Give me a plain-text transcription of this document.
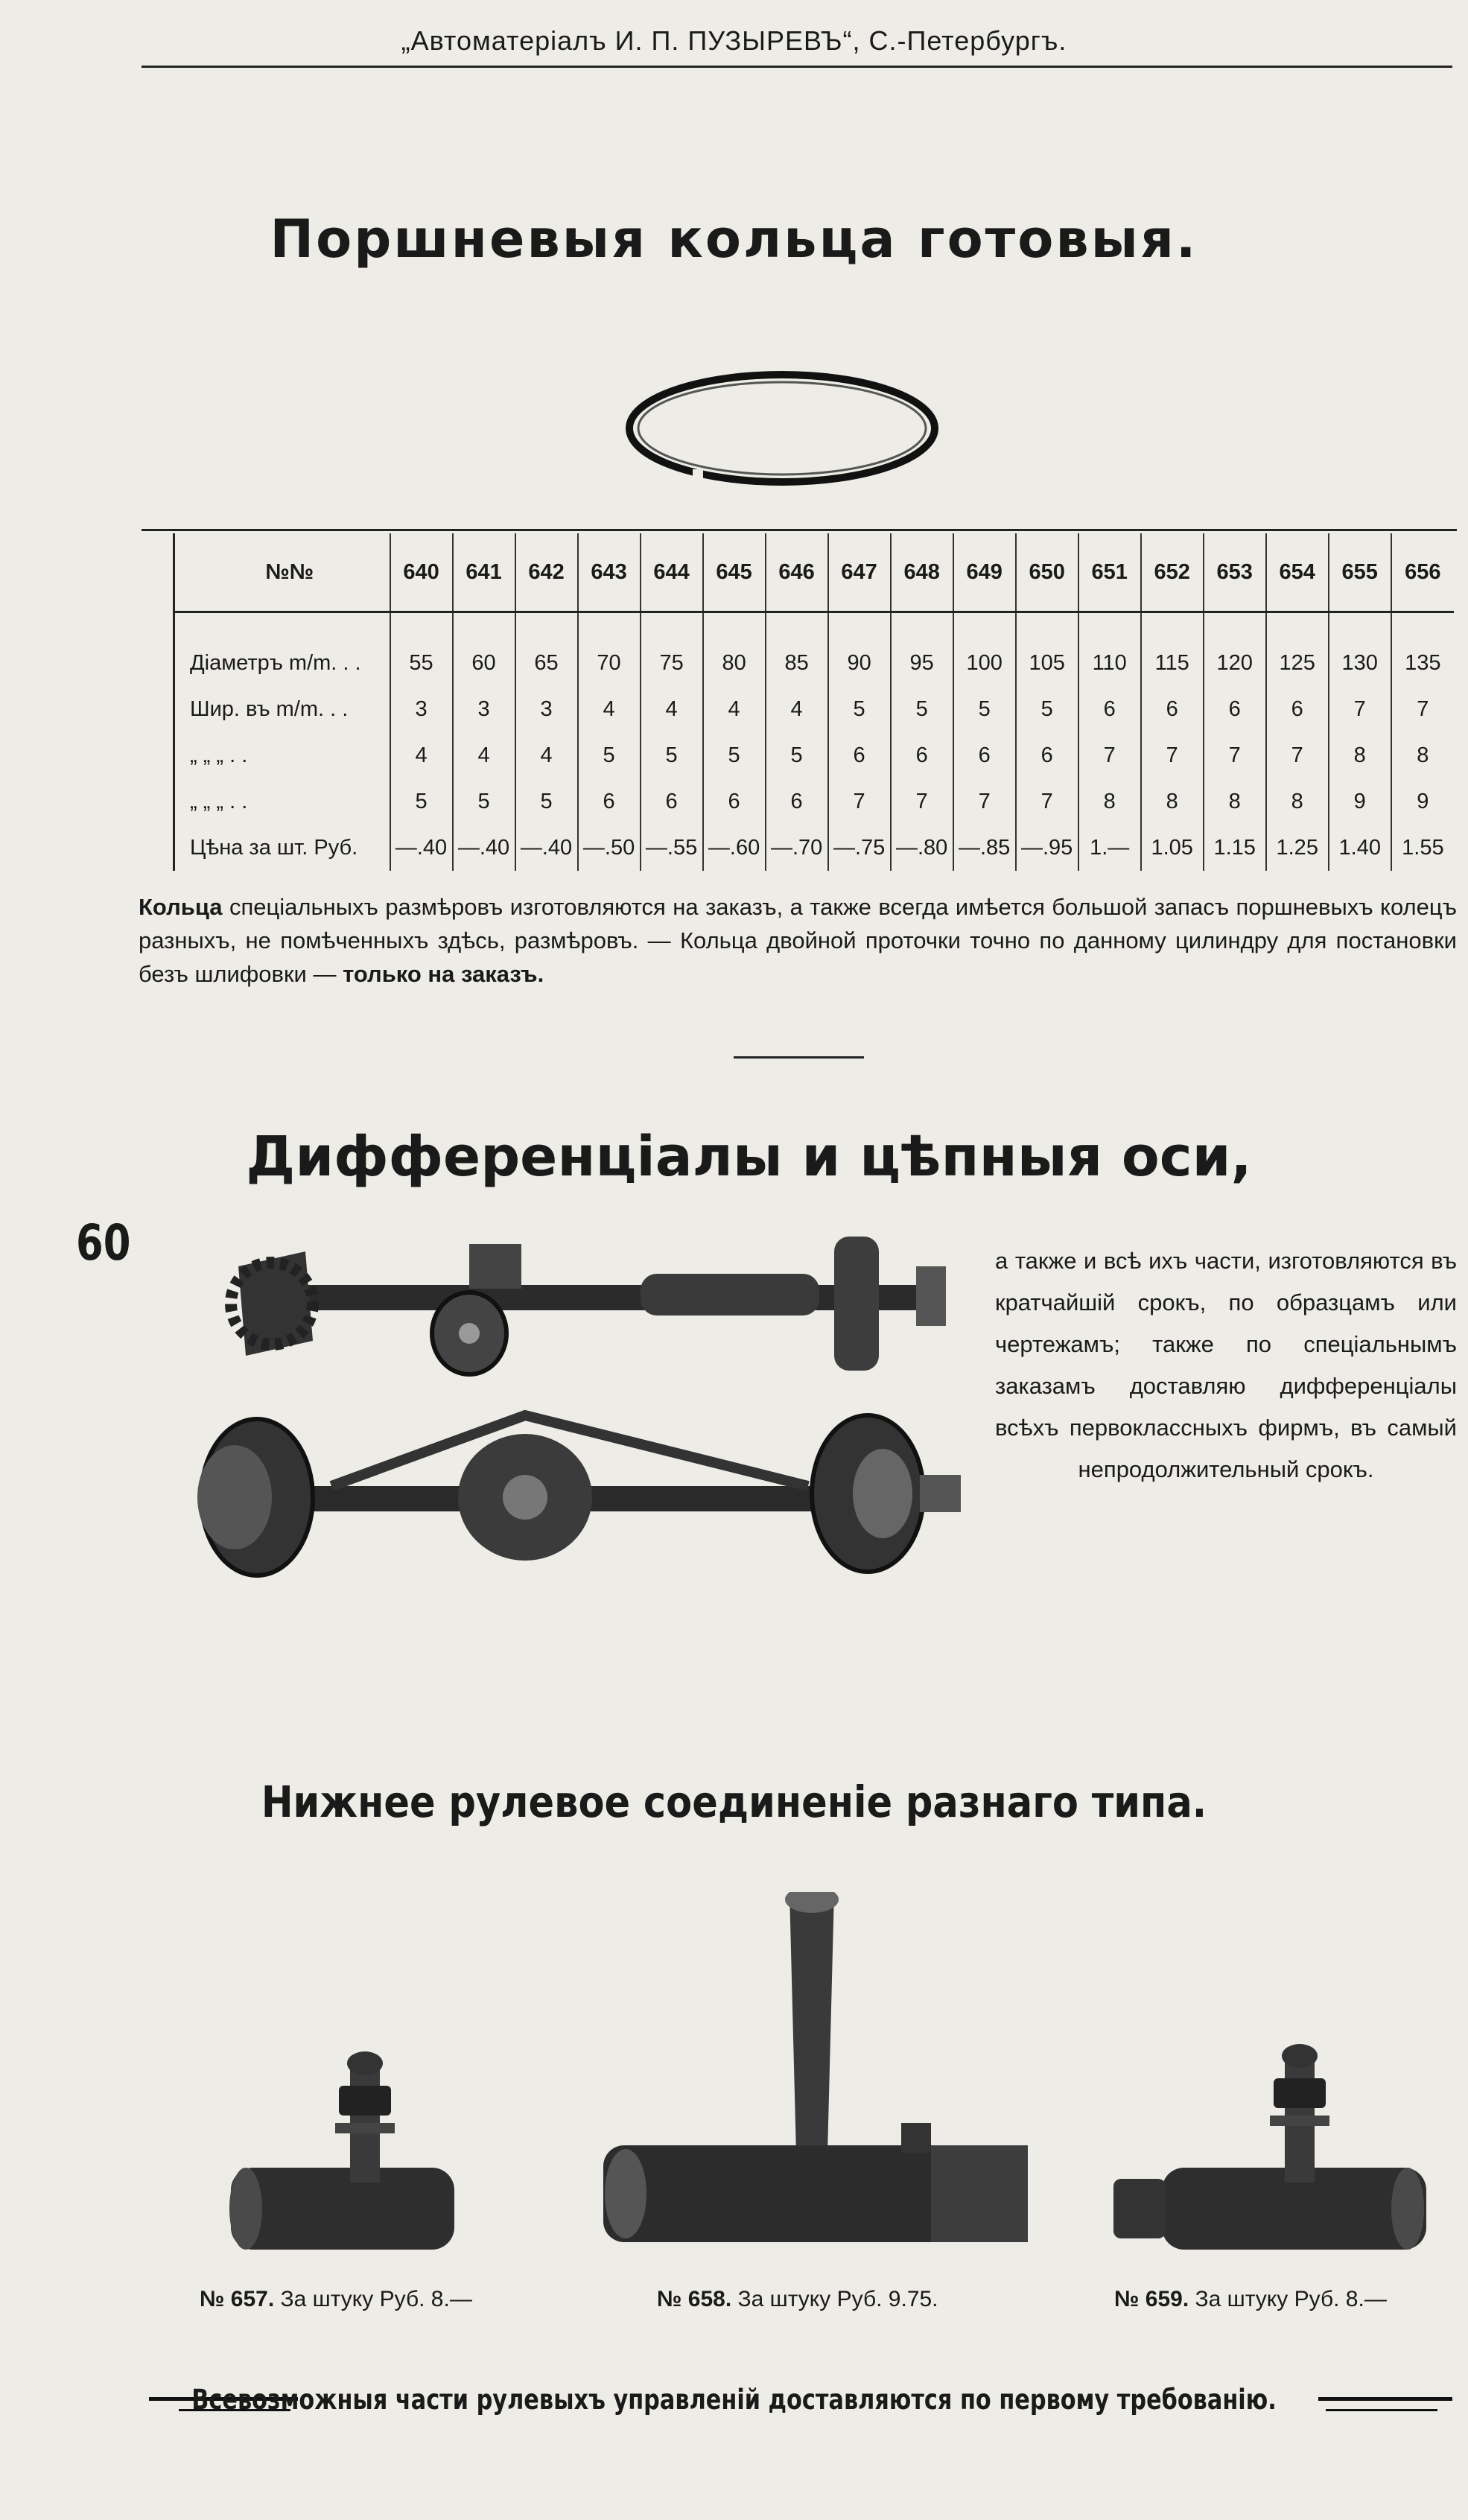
„Автоматеріалъ И. П. ПУЗЫРЕВЪ“, С.-Петербургъ.
60
Поршневыя кольца готовыя.
№№	640	641	642	643	644	645	646	647	648	649	650	651	652	653	654	655	656
Діаметръ m/m. . .	55	60	65	70	75	80	85	90	95	100	105	110	115	120	125	130	135
Шир. въ m/m. . .	3	3	3	4	4	4	4	5	5	5	5	6	6	6	6	7	7
„ „ „ . .	4	4	4	5	5	5	5	6	6	6	6	7	7	7	7	8	8
„ „ „ . .	5	5	5	6	6	6	6	7	7	7	7	8	8	8	8	9	9
Цѣна за шт. Руб.	—.40	—.40	—.40	—.50	—.55	—.60	—.70	—.75	—.80	—.85	—.95	1.—	1.05	1.15	1.25	1.40	1.55
Кольца спеціальныхъ размѣровъ изготовляются на заказъ, а также всегда имѣется большой запасъ поршневыхъ колецъ разныхъ, не помѣченныхъ здѣсь, размѣровъ. — Кольца двойной проточки точно по данному цилиндру для постановки безъ шлифовки — только на заказъ.
Дифференціалы и цѣпныя оси,
а также и всѣ ихъ части, изготовляются въ кратчайшій срокъ, по образцамъ или чертежамъ; также по спеціальнымъ заказамъ доставляю дифференціалы всѣхъ первоклассныхъ фирмъ, въ самый непродолжительный срокъ.
Нижнее рулевое соединеніе разнаго типа.
№ 657. За штуку Руб. 8.—	№ 658. За штуку Руб. 9.75.	№ 659. За штуку Руб. 8.—
Всевозможныя части рулевыхъ управленій доставляются по первому требованію.
